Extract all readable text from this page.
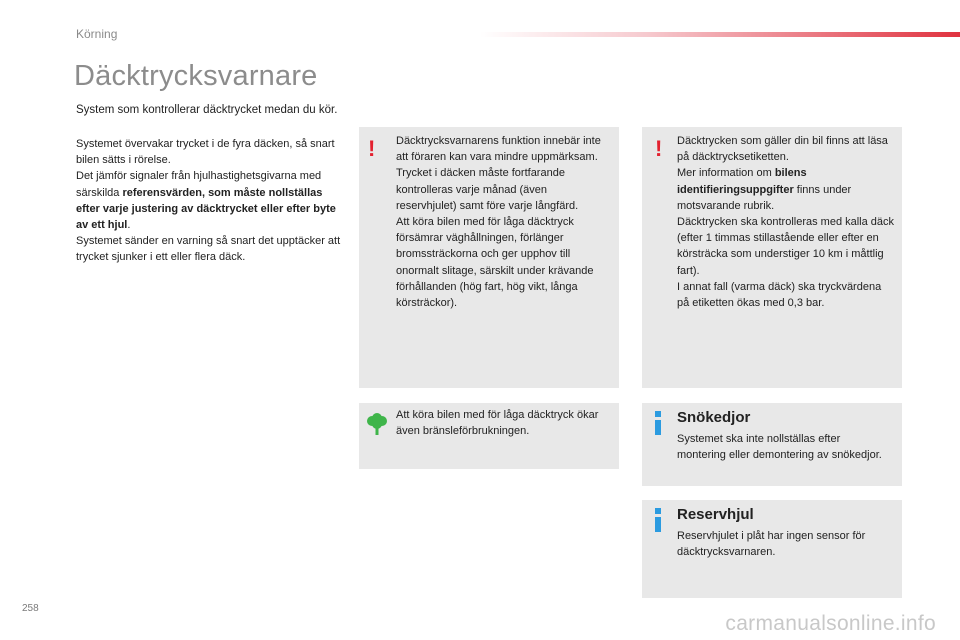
Körning
Däcktrycksvarnare
System som kontrollerar däcktrycket medan du kör.
Systemet övervakar trycket i de fyra däcken, så snart bilen sätts i rörelse.
Det jämför signaler från hjulhastighetsgivarna med särskilda referensvärden, som måste nollställas efter varje justering av däcktrycket eller efter byte av ett hjul.
Systemet sänder en varning så snart det upptäcker att trycket sjunker i ett eller flera däck.
! Däcktrycksvarnarens funktion innebär inte att föraren kan vara mindre uppmärksam.
Trycket i däcken måste fortfarande kontrolleras varje månad (även reservhjulet) samt före varje långfärd.
Att köra bilen med för låga däcktryck försämrar väghållningen, förlänger bromssträckorna och ger upphov till onormalt slitage, särskilt under krävande förhållanden (hög fart, hög vikt, långa körsträckor).
! Däcktrycken som gäller din bil finns att läsa på däcktrycksetiketten.
Mer information om bilens identifieringsuppgifter finns under motsvarande rubrik.
Däcktrycken ska kontrolleras med kalla däck (efter 1 timmas stillastående eller efter en körsträcka som understiger 10 km i måttlig fart).
I annat fall (varma däck) ska tryckvärdena på etiketten ökas med 0,3 bar.
Att köra bilen med för låga däcktryck ökar även bränsleförbrukningen.
Snökedjor
Systemet ska inte nollställas efter montering eller demontering av snökedjor.
Reservhjul
Reservhjulet i plåt har ingen sensor för däcktrycksvarnaren.
258
carmanualsonline.info
